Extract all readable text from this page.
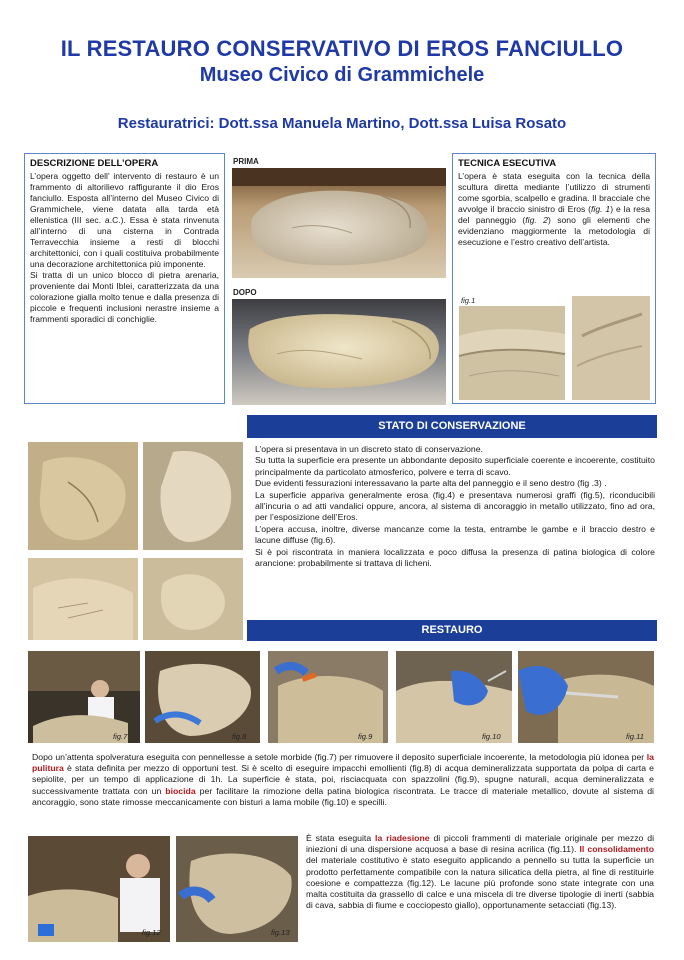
IL RESTAURO CONSERVATIVO DI EROS FANCIULLO
Museo Civico di Grammichele
Restauratrici: Dott.ssa Manuela Martino, Dott.ssa Luisa Rosato
DESCRIZIONE DELL’OPERA

L’opera oggetto dell’ intervento di restauro è un frammento di altorilievo raffigurante il dio Eros fanciullo. Esposta all’interno del Museo Civico di Grammichele, viene datata alla tarda età ellenistica (III sec. a.C.). Essa è stata rinvenuta all’interno di una cisterna in Contrada Terravecchia insieme a resti di blocchi architettonici, con i quali costituiva probabilmente una decorazione architettonica più imponente.

Si tratta di un unico blocco di pietra arenaria, proveniente dai Monti Iblei, caratterizzata da una colorazione gialla molto tenue e dalla presenza di piccole e frequenti inclusioni nerastre insieme a frammenti sporadici di conchiglie.

PRIMA
DOPO
TECNICA ESECUTIVA

L’opera è stata eseguita con la tecnica della scultura diretta mediante l’utilizzo di strumenti come sgorbia, scalpello e gradina. Il bracciale che avvolge il braccio sinistro di Eros (fig. 1) e la resa del panneggio (fig. 2) sono gli elementi che evidenziano maggiormente la metodologia di esecuzione e l’estro creativo dell’artista.

fig.1
STATO DI CONSERVAZIONE

L’opera si presentava in un discreto stato di conservazione.

Su tutta la superficie era presente un abbondante deposito superficiale coerente e incoerente, costituito principalmente da particolato atmosferico, polvere e terra di scavo.

Due evidenti fessurazioni interessavano la parte alta del panneggio e il seno destro (fig .3) .

La superficie appariva generalmente erosa (fig.4) e presentava numerosi graffi (fig.5), riconducibili all’incuria o ad atti vandalici oppure, ancora, al sistema di ancoraggio in metallo utilizzato, fino ad ora, per l’esposizione dell’Eros.

L’opera accusa, inoltre, diverse mancanze come la testa, entrambe le gambe e il braccio destro e lacune diffuse (fig.6).

Si è poi riscontrata in maniera localizzata e poco diffusa la presenza di patina biologica di colore arancione: probabilmente si trattava di licheni.

RESTAURO
fig.7	fig.8	fig.9	fig.10	fig.11
Dopo un’attenta spolveratura eseguita con pennellesse a setole morbide (fig.7) per rimuovere il deposito superficiale incoerente, la metodologia più idonea per la pulitura è stata definita per mezzo di opportuni test. Si è scelto di eseguire impacchi emollienti (fig.8) di acqua demineralizzata supportata da polpa di carta e sepiolite, per un tempo di applicazione di 1h. La superficie è stata, poi, risciacquata con spazzolini (fig.9), spugne naturali, acqua demineralizzata e successivamente trattata con un biocida per facilitare la rimozione della patina biologica riscontrata. Le tracce di materiale metallico, dovute al sistema di ancoraggio, sono state rimosse meccanicamente con bisturi a lama mobile (fig.10) e specilli.
fig.12	fig.13
È stata eseguita la riadesione di piccoli frammenti di materiale originale per mezzo di iniezioni di una dispersione acquosa a base di resina acrilica (fig.11). Il consolidamento del materiale costitutivo è stato eseguito applicando a pennello su tutta la superficie un prodotto perfettamente compatibile con la natura silicatica della pietra, al fine di restituirle coesione e compattezza (fig.12). Le lacune più profonde sono state integrate con una malta costituita da grassello di calce e una miscela di tre diverse tipologie di inerti (sabbia di cava, sabbia di fiume e cocciopesto giallo), opportunamente setacciati (fig.13).
